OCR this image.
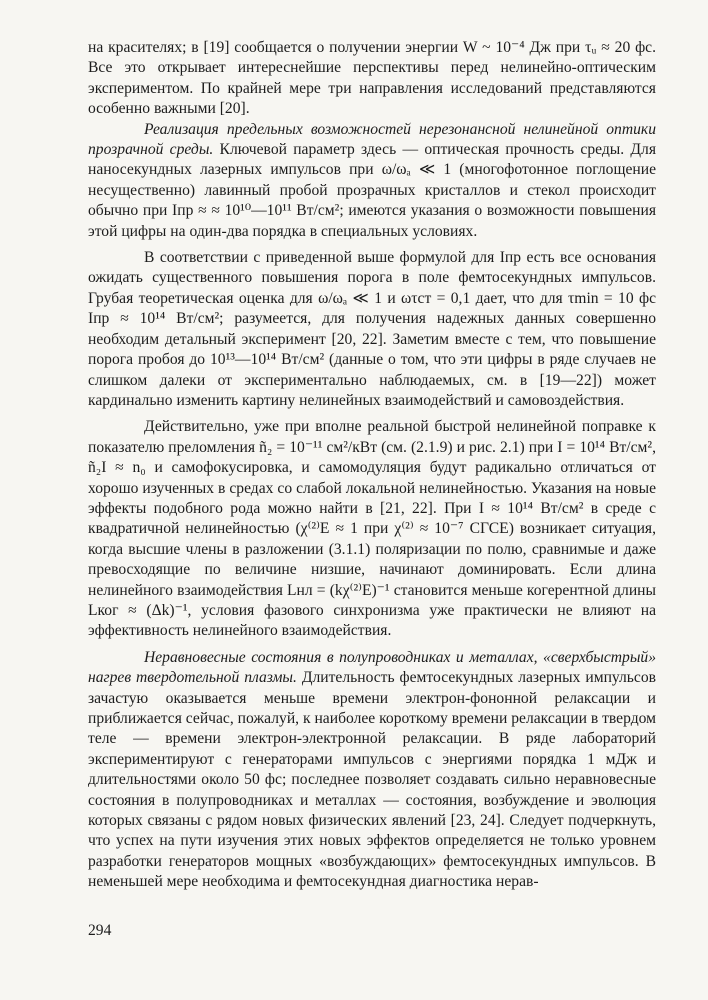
на красителях; в [19] сообщается о получении энергии W ~ 10⁻⁴ Дж при τᵤ ≈ 20 фс. Все это открывает интереснейшие перспективы перед нелинейно-оптическим экспериментом. По крайней мере три направления исследований представляются особенно важными [20].

Реализация предельных возможностей нерезонансной нелинейной оптики прозрачной среды. Ключевой параметр здесь — оптическая прочность среды. Для наносекундных лазерных импульсов при ω/ωₐ ≪ 1 (многофотонное поглощение несущественно) лавинный пробой прозрачных кристаллов и стекол происходит обычно при Iпр ≈ ≈ 10¹⁰—10¹¹ Вт/см²; имеются указания о возможности повышения этой цифры на один-два порядка в специальных условиях.

В соответствии с приведенной выше формулой для Iпр есть все основания ожидать существенного повышения порога в поле фемтосекундных импульсов. Грубая теоретическая оценка для ω/ωₐ ≪ 1 и ωτст = 0,1 дает, что для τmin = 10 фс Iпр ≈ 10¹⁴ Вт/см²; разумеется, для получения надежных данных совершенно необходим детальный эксперимент [20, 22]. Заметим вместе с тем, что повышение порога пробоя до 10¹³—10¹⁴ Вт/см² (данные о том, что эти цифры в ряде случаев не слишком далеки от экспериментально наблюдаемых, см. в [19—22]) может кардинально изменить картину нелинейных взаимодействий и самовоздействия.

Действительно, уже при вполне реальной быстрой нелинейной поправке к показателю преломления ñ₂ = 10⁻¹¹ см²/кВт (см. (2.1.9) и рис. 2.1) при I = 10¹⁴ Вт/см², ñ₂I ≈ n₀ и самофокусировка, и самомодуляция будут радикально отличаться от хорошо изученных в средах со слабой локальной нелинейностью. Указания на новые эффекты подобного рода можно найти в [21, 22]. При I ≈ 10¹⁴ Вт/см² в среде с квадратичной нелинейностью (χ⁽²⁾E ≈ 1 при χ⁽²⁾ ≈ 10⁻⁷ СГСЕ) возникает ситуация, когда высшие члены в разложении (3.1.1) поляризации по полю, сравнимые и даже превосходящие по величине низшие, начинают доминировать. Если длина нелинейного взаимодействия Lнл = (kχ⁽²⁾E)⁻¹ становится меньше когерентной длины Lког ≈ (Δk)⁻¹, условия фазового синхронизма уже практически не влияют на эффективность нелинейного взаимодействия.

Неравновесные состояния в полупроводниках и металлах, «сверхбыстрый» нагрев твердотельной плазмы. Длительность фемтосекундных лазерных импульсов зачастую оказывается меньше времени электрон-фононной релаксации и приближается сейчас, пожалуй, к наиболее короткому времени релаксации в твердом теле — времени электрон-электронной релаксации. В ряде лабораторий экспериментируют с генераторами импульсов с энергиями порядка 1 мДж и длительностями около 50 фс; последнее позволяет создавать сильно неравновесные состояния в полупроводниках и металлах — состояния, возбуждение и эволюция которых связаны с рядом новых физических явлений [23, 24]. Следует подчеркнуть, что успех на пути изучения этих новых эффектов определяется не только уровнем разработки генераторов мощных «возбуждающих» фемтосекундных импульсов. В неменьшей мере необходима и фемтосекундная диагностика нерав-

294
